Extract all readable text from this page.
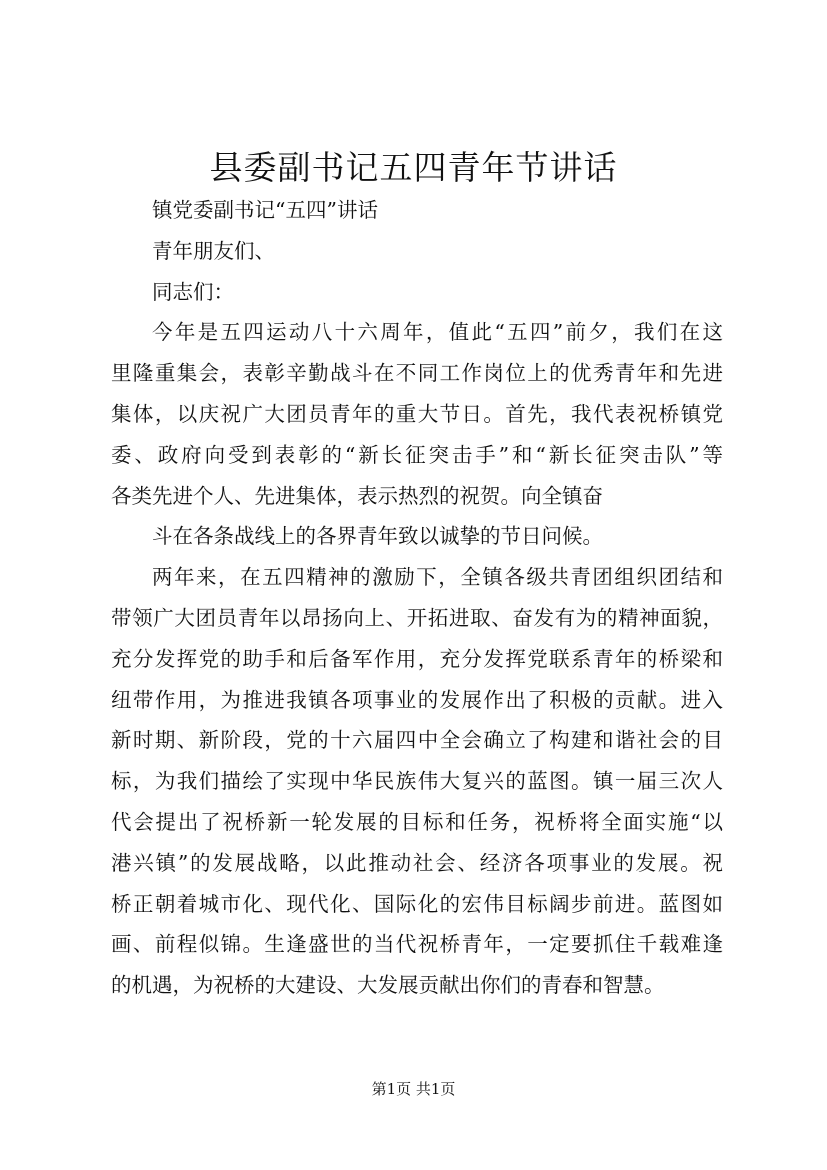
县委副书记五四青年节讲话
镇党委副书记“五四”讲话
青年朋友们、
同志们：
今年是五四运动八十六周年，值此“五四”前夕，我们在这
里隆重集会，表彰辛勤战斗在不同工作岗位上的优秀青年和先进
集体，以庆祝广大团员青年的重大节日。首先，我代表祝桥镇党
委、政府向受到表彰的“新长征突击手”和“新长征突击队”等
各类先进个人、先进集体，表示热烈的祝贺。向全镇奋
斗在各条战线上的各界青年致以诚挚的节日问候。
两年来，在五四精神的激励下，全镇各级共青团组织团结和
带领广大团员青年以昂扬向上、开拓进取、奋发有为的精神面貌，
充分发挥党的助手和后备军作用，充分发挥党联系青年的桥梁和
纽带作用，为推进我镇各项事业的发展作出了积极的贡献。进入
新时期、新阶段，党的十六届四中全会确立了构建和谐社会的目
标，为我们描绘了实现中华民族伟大复兴的蓝图。镇一届三次人
代会提出了祝桥新一轮发展的目标和任务，祝桥将全面实施“以
港兴镇”的发展战略，以此推动社会、经济各项事业的发展。祝
桥正朝着城市化、现代化、国际化的宏伟目标阔步前进。蓝图如
画、前程似锦。生逢盛世的当代祝桥青年，一定要抓住千载难逢
的机遇，为祝桥的大建设、大发展贡献出你们的青春和智慧。
第1页 共1页
